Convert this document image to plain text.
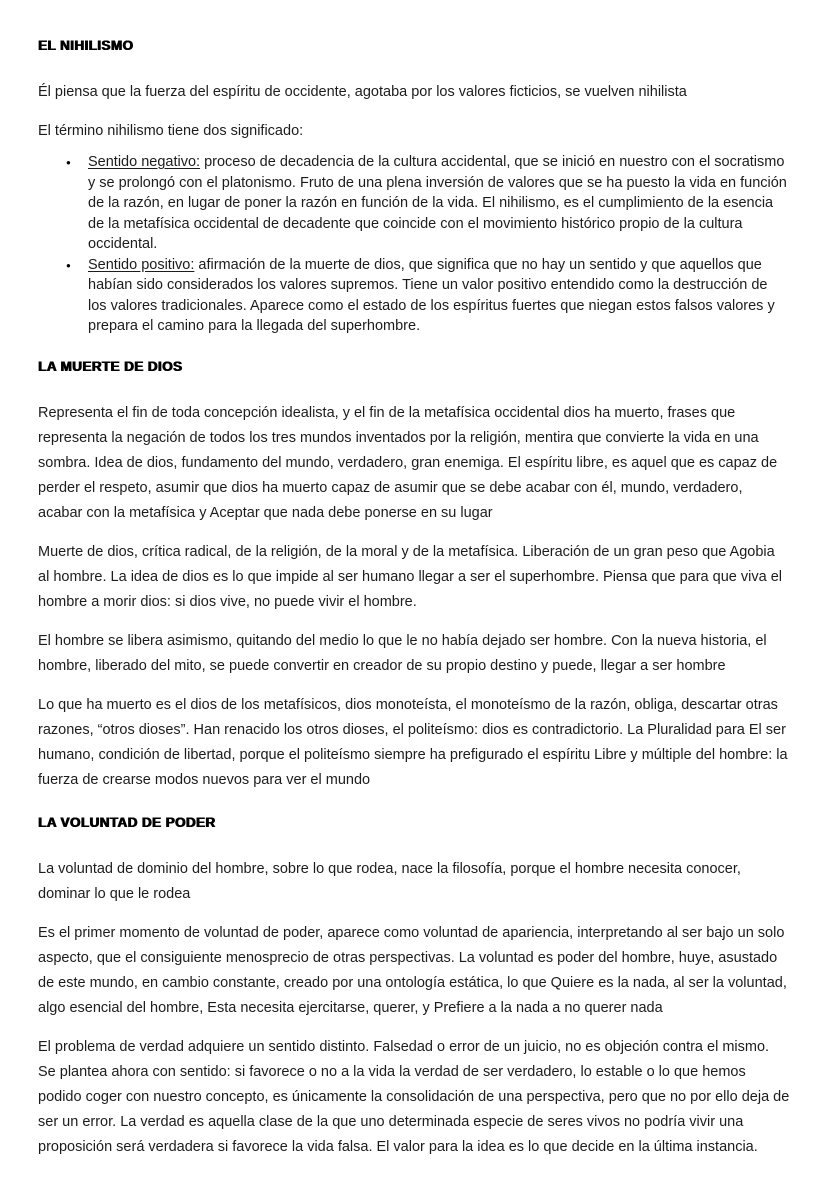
EL NIHILISMO

Él piensa que la fuerza del espíritu de occidente, agotaba por los valores ficticios, se vuelven nihilista

El término nihilismo tiene dos significado:

● Sentido negativo: proceso de decadencia de la cultura accidental, que se inició en nuestro con el socratismo y se prolongó con el platonismo. Fruto de una plena inversión de valores que se ha puesto la vida en función de la razón, en lugar de poner la razón en función de la vida. El nihilismo, es el cumplimiento de la esencia de la metafísica occidental de decadente que coincide con el movimiento histórico propio de la cultura occidental.
● Sentido positivo: afirmación de la muerte de dios, que significa que no hay un sentido y que aquellos que habían sido considerados los valores supremos. Tiene un valor positivo entendido como la destrucción de los valores tradicionales. Aparece como el estado de los espíritus fuertes que niegan estos falsos valores y prepara el camino para la llegada del superhombre.
LA MUERTE DE DIOS

Representa el fin de toda concepción idealista, y el fin de la metafísica occidental dios ha muerto, frases que representa la negación de todos los tres mundos inventados por la religión, mentira que convierte la vida en una sombra. Idea de dios, fundamento del mundo, verdadero, gran enemiga. El espíritu libre, es aquel que es capaz de perder el respeto, asumir que dios ha muerto capaz de asumir que se debe acabar con él, mundo, verdadero, acabar con la metafísica y Aceptar que nada debe ponerse en su lugar

Muerte de dios, crítica radical, de la religión, de la moral y de la metafísica. Liberación de un gran peso que Agobia al hombre. La idea de dios es lo que impide al ser humano llegar a ser el superhombre. Piensa que para que viva el hombre a morir dios: si dios vive, no puede vivir el hombre.

El hombre se libera asimismo, quitando del medio lo que le no había dejado ser hombre. Con la nueva historia, el hombre, liberado del mito, se puede convertir en creador de su propio destino y puede, llegar a ser hombre

Lo que ha muerto es el dios de los metafísicos, dios monoteísta, el monoteísmo de la razón, obliga, descartar otras razones, “otros dioses”. Han renacido los otros dioses, el politeísmo: dios es contradictorio. La Pluralidad para El ser humano, condición de libertad, porque el politeísmo siempre ha prefigurado el espíritu Libre y múltiple del hombre: la fuerza de crearse modos nuevos para ver el mundo

LA VOLUNTAD DE PODER

La voluntad de dominio del hombre, sobre lo que rodea, nace la filosofía, porque el hombre necesita conocer, dominar lo que le rodea

Es el primer momento de voluntad de poder, aparece como voluntad de apariencia, interpretando al ser bajo un solo aspecto, que el consiguiente menosprecio de otras perspectivas. La voluntad es poder del hombre, huye, asustado de este mundo, en cambio constante, creado por una ontología estática, lo que Quiere es la nada, al ser la voluntad, algo esencial del hombre, Esta necesita ejercitarse, querer, y Prefiere a la nada a no querer nada

El problema de verdad adquiere un sentido distinto. Falsedad o error de un juicio, no es objeción contra el mismo. Se plantea ahora con sentido: si favorece o no a la vida la verdad de ser verdadero, lo estable o lo que hemos podido coger con nuestro concepto, es únicamente la consolidación de una perspectiva, pero que no por ello deja de ser un error. La verdad es aquella clase de la que uno determinada especie de seres vivos no podría vivir una proposición será verdadera si favorece la vida falsa. El valor para la idea es lo que decide en la última instancia.
